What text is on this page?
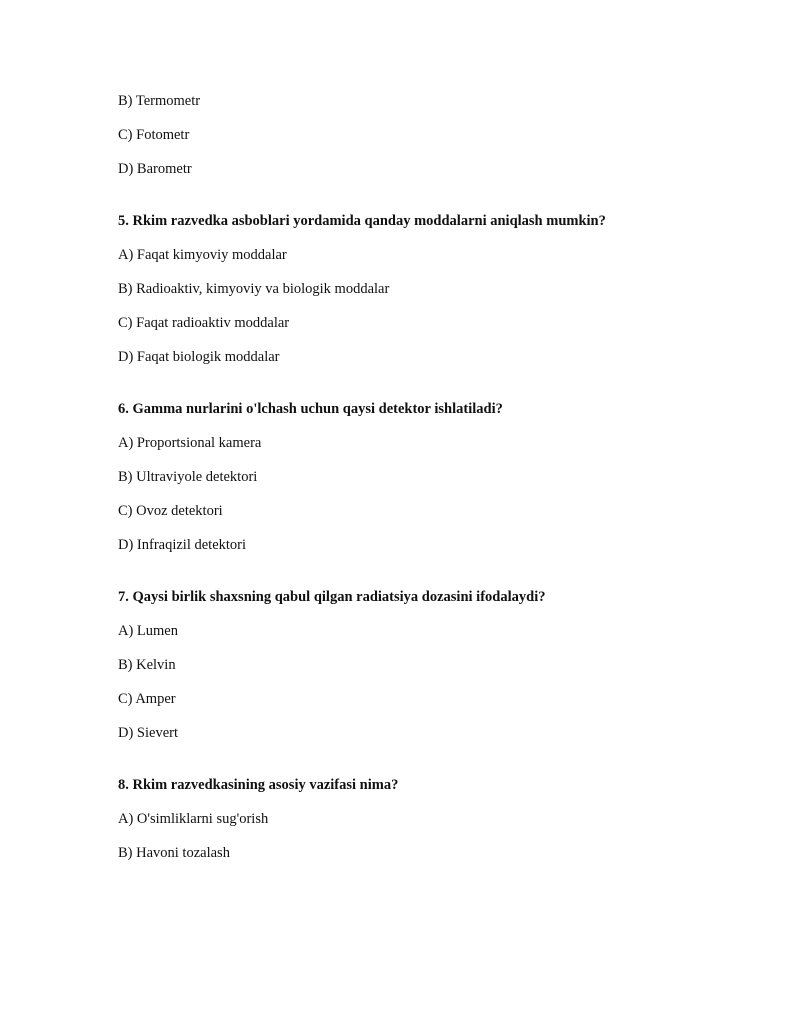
B) Termometr

C) Fotometr

D) Barometr

5. Rkim razvedka asboblari yordamida qanday moddalarni aniqlash mumkin?

A) Faqat kimyoviy moddalar

B) Radioaktiv, kimyoviy va biologik moddalar

C) Faqat radioaktiv moddalar

D) Faqat biologik moddalar

6. Gamma nurlarini o'lchash uchun qaysi detektor ishlatiladi?

A) Proportsional kamera

B) Ultraviyole detektori

C) Ovoz detektori

D) Infraqizil detektori

7. Qaysi birlik shaxsning qabul qilgan radiatsiya dozasini ifodalaydi?

A) Lumen

B) Kelvin

C) Amper

D) Sievert

8. Rkim razvedkasining asosiy vazifasi nima?

A) O'simliklarni sug'orish

B) Havoni tozalash
